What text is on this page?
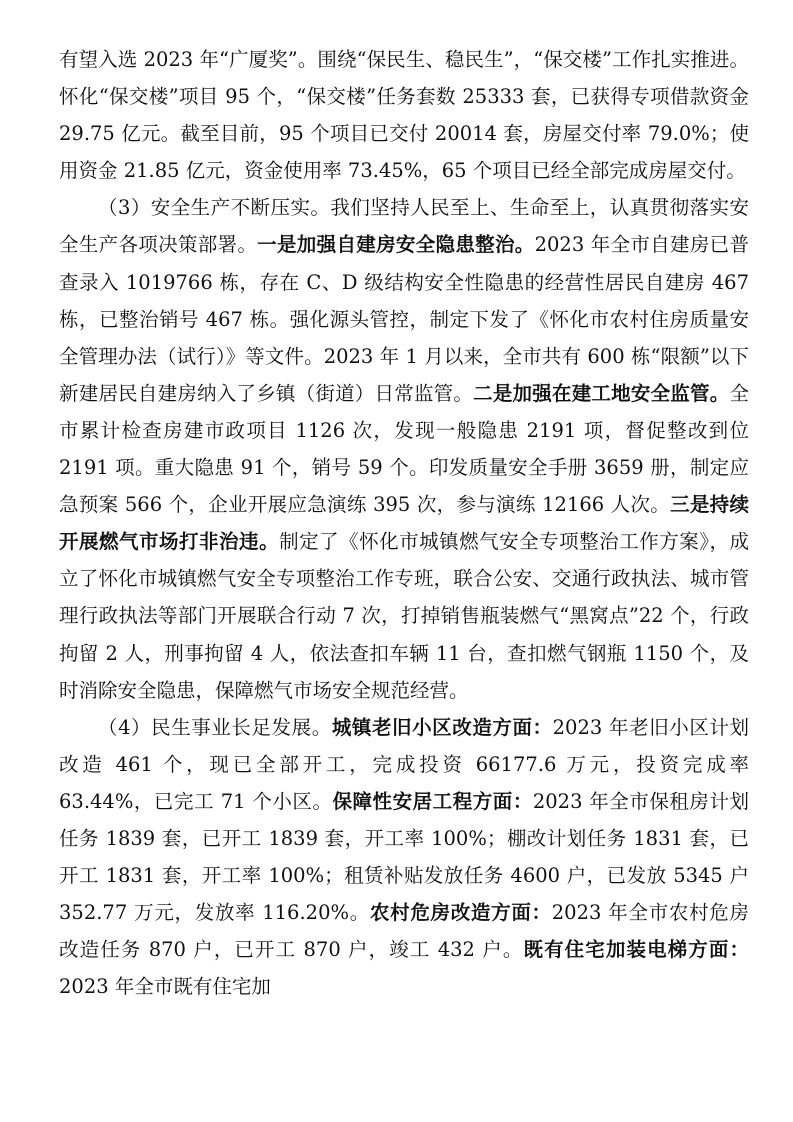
有望入选 2023 年“广厦奖”。围绕“保民生、稳民生”，“保交楼”工作扎实推进。怀化“保交楼”项目 95 个，“保交楼”任务套数 25333 套，已获得专项借款资金 29.75 亿元。截至目前，95 个项目已交付 20014 套，房屋交付率 79.0%；使用资金 21.85 亿元，资金使用率 73.45%，65 个项目已经全部完成房屋交付。

（3）安全生产不断压实。我们坚持人民至上、生命至上，认真贯彻落实安全生产各项决策部署。一是加强自建房安全隐患整治。2023 年全市自建房已普查录入 1019766 栋，存在 C、D 级结构安全性隐患的经营性居民自建房 467 栋，已整治销号 467 栋。强化源头管控，制定下发了《怀化市农村住房质量安全管理办法（试行）》等文件。2023 年 1 月以来，全市共有 600 栋“限额”以下新建居民自建房纳入了乡镇（街道）日常监管。二是加强在建工地安全监管。全市累计检查房建市政项目 1126 次，发现一般隐患 2191 项，督促整改到位 2191 项。重大隐患 91 个，销号 59 个。印发质量安全手册 3659 册，制定应急预案 566 个，企业开展应急演练 395 次，参与演练 12166 人次。三是持续开展燃气市场打非治违。制定了《怀化市城镇燃气安全专项整治工作方案》，成立了怀化市城镇燃气安全专项整治工作专班，联合公安、交通行政执法、城市管理行政执法等部门开展联合行动 7 次，打掉销售瓶装燃气“黑窝点”22 个，行政拘留 2 人，刑事拘留 4 人，依法查扣车辆 11 台，查扣燃气钢瓶 1150 个，及时消除安全隐患，保障燃气市场安全规范经营。

（4）民生事业长足发展。城镇老旧小区改造方面：2023 年老旧小区计划改造 461 个，现已全部开工，完成投资 66177.6 万元，投资完成率 63.44%，已完工 71 个小区。保障性安居工程方面：2023 年全市保租房计划任务 1839 套，已开工 1839 套，开工率 100%；棚改计划任务 1831 套，已开工 1831 套，开工率 100%；租赁补贴发放任务 4600 户，已发放 5345 户 352.77 万元，发放率 116.20%。农村危房改造方面：2023 年全市农村危房改造任务 870 户，已开工 870 户，竣工 432 户。既有住宅加装电梯方面：2023 年全市既有住宅加
